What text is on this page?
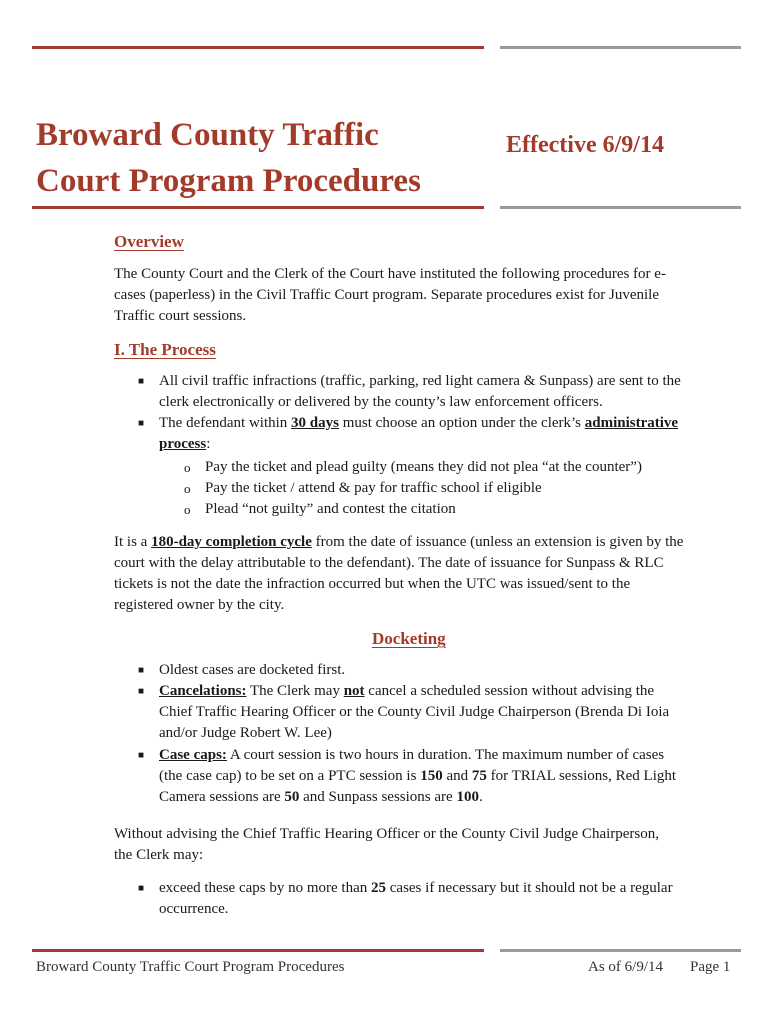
Broward County Traffic
Court Program Procedures
Effective 6/9/14
Overview
The County Court and the Clerk of the Court have instituted the following procedures for e-
cases (paperless) in the Civil Traffic Court program. Separate procedures exist for Juvenile
Traffic court sessions.
I. The Process
■ All civil traffic infractions (traffic, parking, red light camera & Sunpass) are sent to the
clerk electronically or delivered by the county’s law enforcement officers.
■ The defendant within 30 days must choose an option under the clerk’s administrative
process:
o Pay the ticket and plead guilty (means they did not plea “at the counter”)
o Pay the ticket / attend & pay for traffic school if eligible
o Plead “not guilty” and contest the citation
It is a 180-day completion cycle from the date of issuance (unless an extension is given by the
court with the delay attributable to the defendant). The date of issuance for Sunpass & RLC
tickets is not the date the infraction occurred but when the UTC was issued/sent to the
registered owner by the city.
Docketing
■ Oldest cases are docketed first.
■ Cancelations: The Clerk may not cancel a scheduled session without advising the
Chief Traffic Hearing Officer or the County Civil Judge Chairperson (Brenda Di Ioia
and/or Judge Robert W. Lee)
■ Case caps: A court session is two hours in duration. The maximum number of cases
(the case cap) to be set on a PTC session is 150 and 75 for TRIAL sessions, Red Light
Camera sessions are 50 and Sunpass sessions are 100.
Without advising the Chief Traffic Hearing Officer or the County Civil Judge Chairperson,
the Clerk may:
■ exceed these caps by no more than 25 cases if necessary but it should not be a regular
occurrence.
Broward County Traffic Court Program Procedures	As of 6/9/14 Page 1
